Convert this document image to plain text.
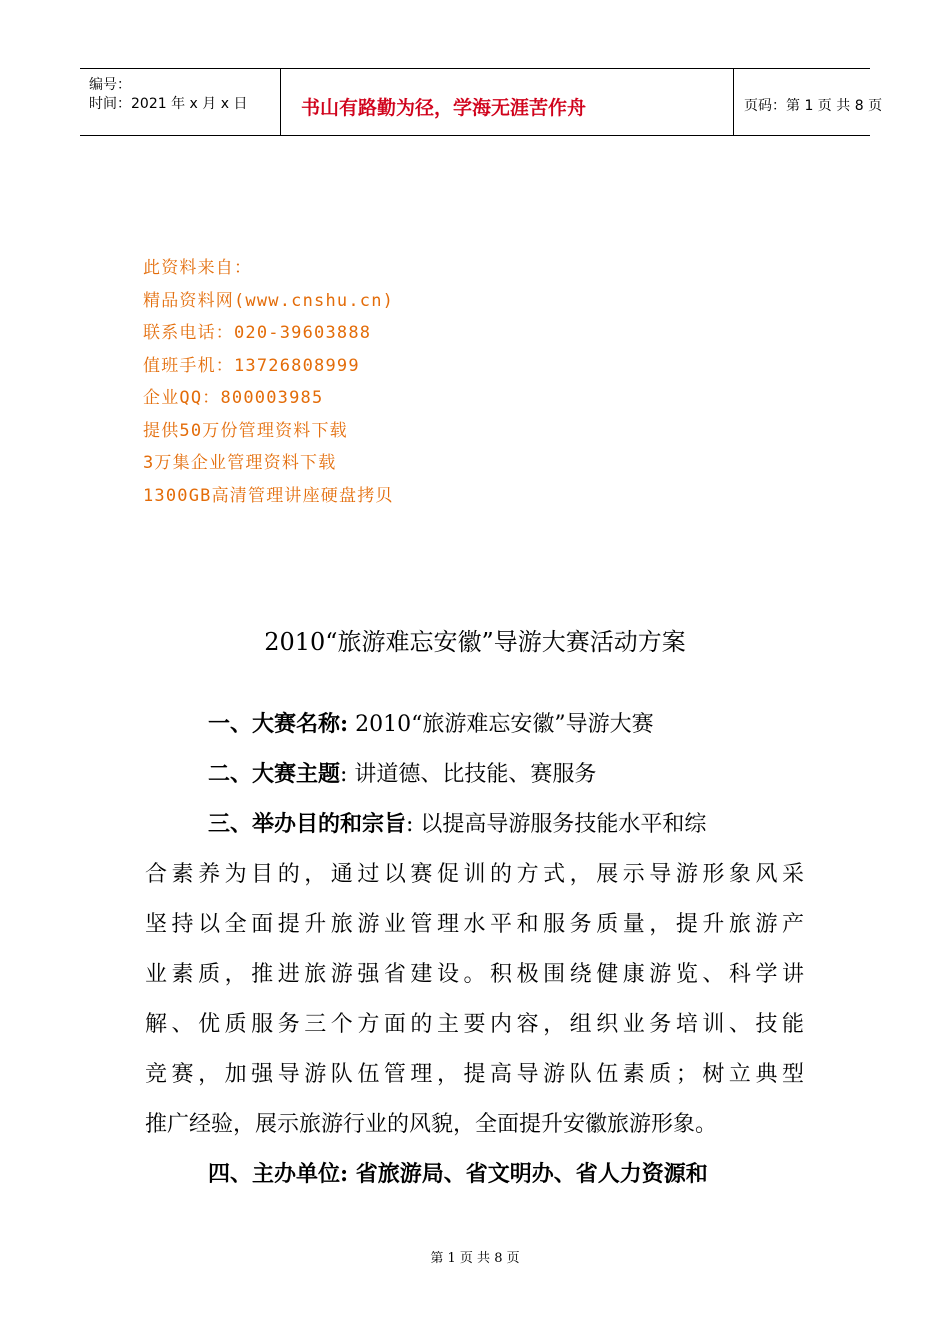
编号：
时间：2021 年 x 月 x 日	书山有路勤为径，学海无涯苦作舟	页码：第 1 页 共 8 页
此资料来自：
精品资料网(www.cnshu.cn)
联系电话：020-39603888
值班手机：13726808999
企业QQ：800003985
提供50万份管理资料下载
3万集企业管理资料下载
1300GB高清管理讲座硬盘拷贝
2010“旅游难忘安徽”导游大赛活动方案
一、大赛名称: 2010“旅游难忘安徽”导游大赛
二、大赛主题: 讲道德、比技能、赛服务
三、举办目的和宗旨: 以提高导游服务技能水平和综
合素养为目的，通过以赛促训的方式，展示导游形象风采
坚持以全面提升旅游业管理水平和服务质量，提升旅游产
业素质，推进旅游强省建设。积极围绕健康游览、科学讲
解、优质服务三个方面的主要内容，组织业务培训、技能
竞赛，加强导游队伍管理，提高导游队伍素质；树立典型
推广经验，展示旅游行业的风貌，全面提升安徽旅游形象。
四、主办单位: 省旅游局、省文明办、省人力资源和
第 1 页 共 8 页
